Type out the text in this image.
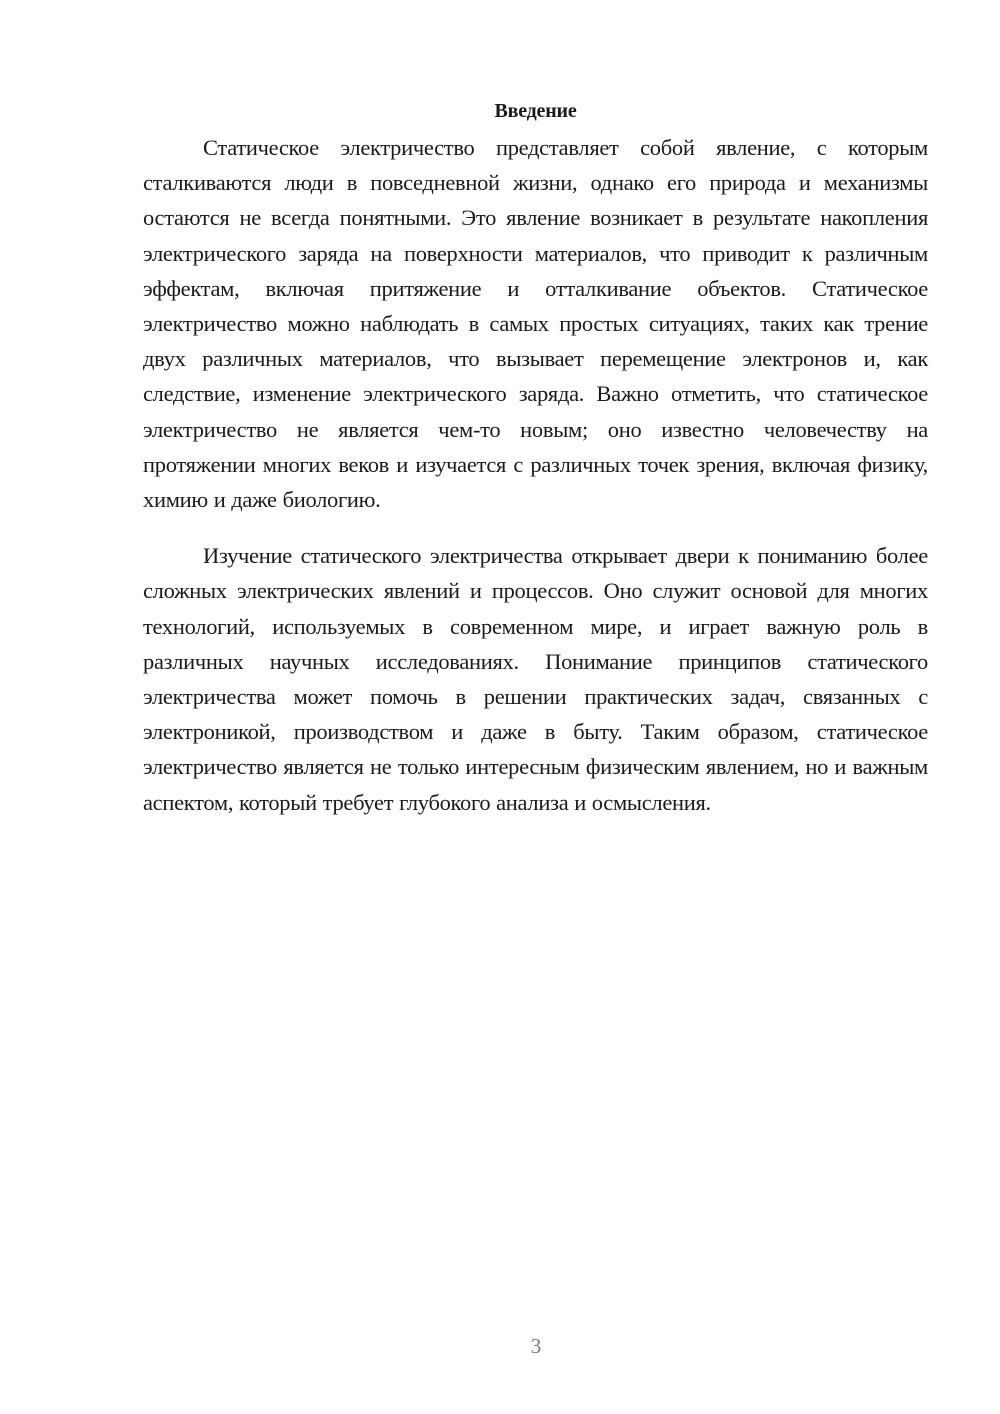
Введение

Статическое электричество представляет собой явление, с которым сталкиваются люди в повседневной жизни, однако его природа и механизмы остаются не всегда понятными. Это явление возникает в результате накопления электрического заряда на поверхности материалов, что приводит к различным эффектам, включая притяжение и отталкивание объектов. Статическое электричество можно наблюдать в самых простых ситуациях, таких как трение двух различных материалов, что вызывает перемещение электронов и, как следствие, изменение электрического заряда. Важно отметить, что статическое электричество не является чем-то новым; оно известно человечеству на протяжении многих веков и изучается с различных точек зрения, включая физику, химию и даже биологию.

Изучение статического электричества открывает двери к пониманию более сложных электрических явлений и процессов. Оно служит основой для многих технологий, используемых в современном мире, и играет важную роль в различных научных исследованиях. Понимание принципов статического электричества может помочь в решении практических задач, связанных с электроникой, производством и даже в быту. Таким образом, статическое электричество является не только интересным физическим явлением, но и важным аспектом, который требует глубокого анализа и осмысления.

3
